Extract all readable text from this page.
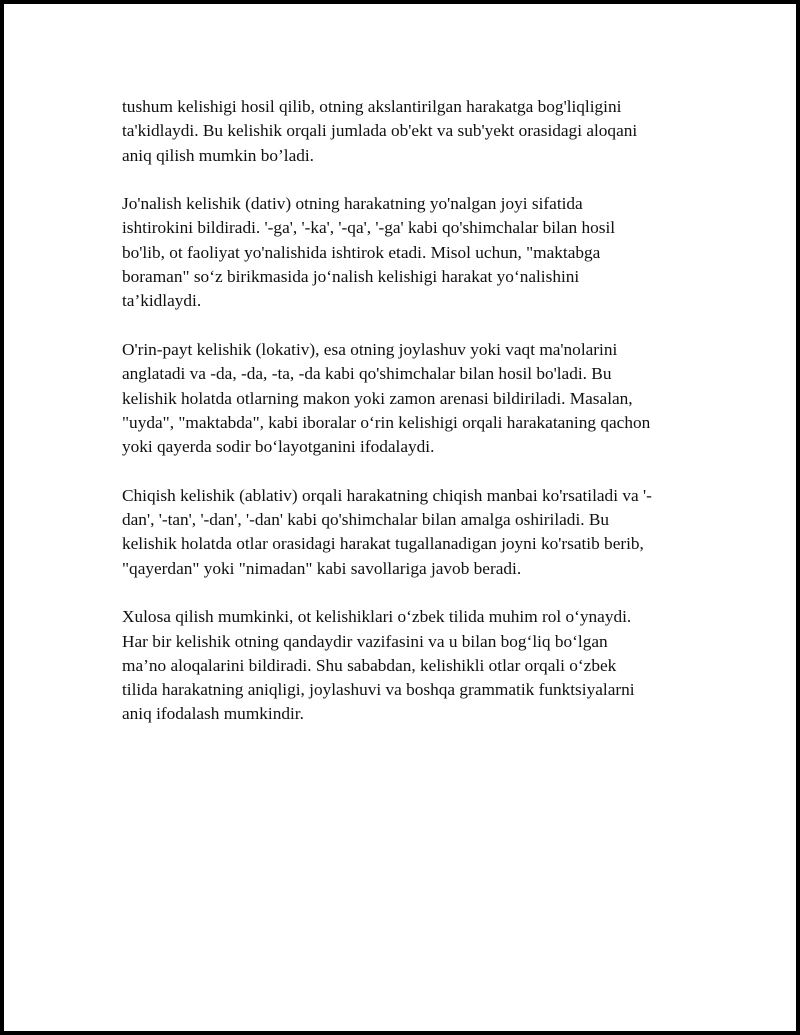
tushum kelishigi hosil qilib, otning akslantirilgan harakatga bog'liqligini
ta'kidlaydi. Bu kelishik orqali jumlada ob'ekt va sub'yekt orasidagi aloqani
aniq qilish mumkin bo’ladi.

Jo'nalish kelishik (dativ) otning harakatning yo'nalgan joyi sifatida
ishtirokini bildiradi. '-ga', '-ka', '-qa', '-ga' kabi qo'shimchalar bilan hosil
bo'lib, ot faoliyat yo'nalishida ishtirok etadi. Misol uchun, "maktabga
boraman" so‘z birikmasida jo‘nalish kelishigi harakat yo‘nalishini
ta’kidlaydi.

O'rin-payt kelishik (lokativ), esa otning joylashuv yoki vaqt ma'nolarini
anglatadi va -da, -da, -ta, -da kabi qo'shimchalar bilan hosil bo'ladi. Bu
kelishik holatda otlarning makon yoki zamon arenasi bildiriladi. Masalan,
"uyda", "maktabda", kabi iboralar o‘rin kelishigi orqali harakataning qachon
yoki qayerda sodir bo‘layotganini ifodalaydi.

Chiqish kelishik (ablativ) orqali harakatning chiqish manbai ko'rsatiladi va '-
dan', '-tan', '-dan', '-dan' kabi qo'shimchalar bilan amalga oshiriladi. Bu
kelishik holatda otlar orasidagi harakat tugallanadigan joyni ko'rsatib berib,
"qayerdan" yoki "nimadan" kabi savollariga javob beradi.

Xulosa qilish mumkinki, ot kelishiklari o‘zbek tilida muhim rol o‘ynaydi.
Har bir kelishik otning qandaydir vazifasini va u bilan bog‘liq bo‘lgan
ma’no aloqalarini bildiradi. Shu sababdan, kelishikli otlar orqali o‘zbek
tilida harakatning aniqligi, joylashuvi va boshqa grammatik funktsiyalarni
aniq ifodalash mumkindir.
